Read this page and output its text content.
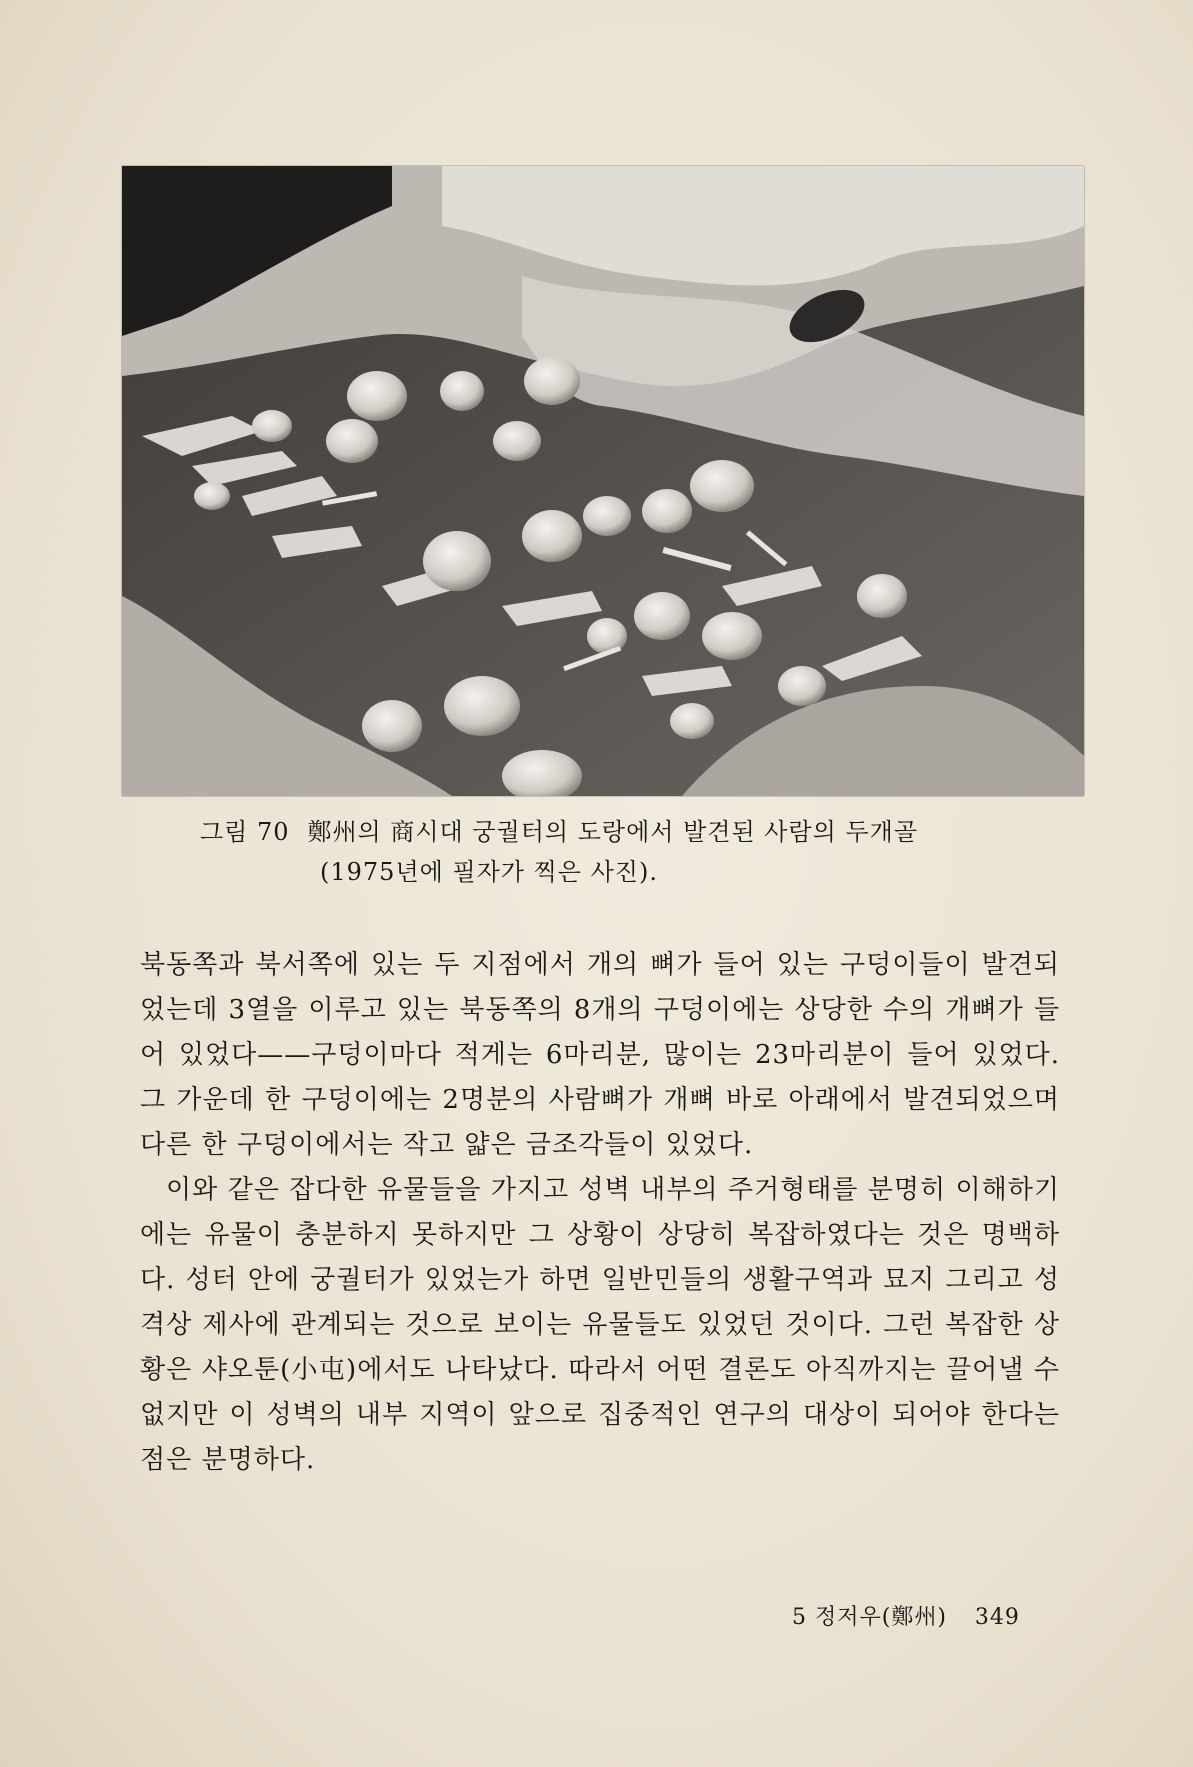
그림 70 鄭州의 商시대 궁궐터의 도랑에서 발견된 사람의 두개골
(1975년에 필자가 찍은 사진).

북동쪽과 북서쪽에 있는 두 지점에서 개의 뼈가 들어 있는 구덩이들이 발견되었는데 3열을 이루고 있는 북동쪽의 8개의 구덩이에는 상당한 수의 개뼈가 들어 있었다——구덩이마다 적게는 6마리분, 많이는 23마리분이 들어 있었다. 그 가운데 한 구덩이에는 2명분의 사람뼈가 개뼈 바로 아래에서 발견되었으며 다른 한 구덩이에서는 작고 얇은 금조각들이 있었다.

이와 같은 잡다한 유물들을 가지고 성벽 내부의 주거형태를 분명히 이해하기에는 유물이 충분하지 못하지만 그 상황이 상당히 복잡하였다는 것은 명백하다. 성터 안에 궁궐터가 있었는가 하면 일반민들의 생활구역과 묘지 그리고 성격상 제사에 관계되는 것으로 보이는 유물들도 있었던 것이다. 그런 복잡한 상황은 샤오툰(小屯)에서도 나타났다. 따라서 어떤 결론도 아직까지는 끌어낼 수 없지만 이 성벽의 내부 지역이 앞으로 집중적인 연구의 대상이 되어야 한다는 점은 분명하다.

5 정저우(鄭州) 349
